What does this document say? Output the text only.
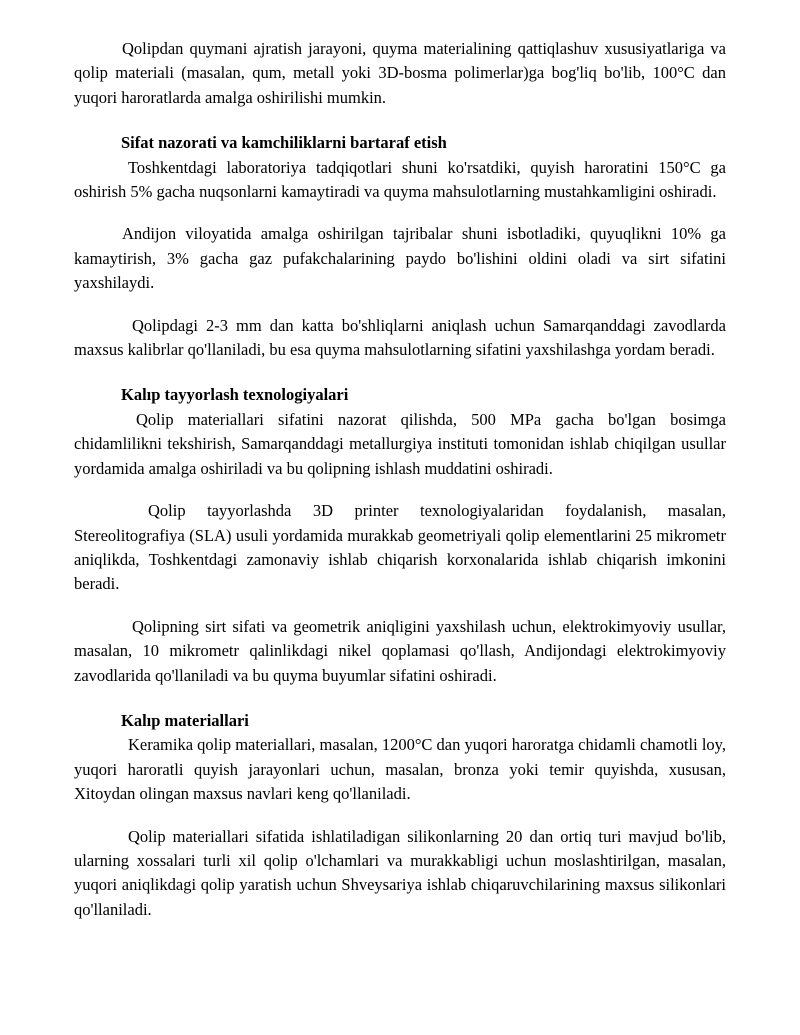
Qolipdan quymani ajratish jarayoni, quyma materialining qattiqlashuv xususiyatlariga va qolip materiali (masalan, qum, metall yoki 3D-bosma polimerlar)ga bog'liq bo'lib, 100°C dan yuqori haroratlarda amalga oshirilishi mumkin.

Sifat nazorati va kamchiliklarni bartaraf etish

Toshkentdagi laboratoriya tadqiqotlari shuni ko'rsatdiki, quyish haroratini 150°C ga oshirish 5% gacha nuqsonlarni kamaytiradi va quyma mahsulotlarning mustahkamligini oshiradi.

Andijon viloyatida amalga oshirilgan tajribalar shuni isbotladiki, quyuqlikni 10% ga kamaytirish, 3% gacha gaz pufakchalarining paydo bo'lishini oldini oladi va sirt sifatini yaxshilaydi.

Qolipdagi 2-3 mm dan katta bo'shliqlarni aniqlash uchun Samarqanddagi zavodlarda maxsus kalibrlar qo'llaniladi, bu esa quyma mahsulotlarning sifatini yaxshilashga yordam beradi.

Kalıp tayyorlash texnologiyalari

Qolip materiallari sifatini nazorat qilishda, 500 MPa gacha bo'lgan bosimga chidamlilikni tekshirish, Samarqanddagi metallurgiya instituti tomonidan ishlab chiqilgan usullar yordamida amalga oshiriladi va bu qolipning ishlash muddatini oshiradi.

Qolip tayyorlashda 3D printer texnologiyalaridan foydalanish, masalan, Stereolitografiya (SLA) usuli yordamida murakkab geometriyali qolip elementlarini 25 mikrometr aniqlikda, Toshkentdagi zamonaviy ishlab chiqarish korxonalarida ishlab chiqarish imkonini beradi.

Qolipning sirt sifati va geometrik aniqligini yaxshilash uchun, elektrokimyoviy usullar, masalan, 10 mikrometr qalinlikdagi nikel qoplamasi qo'llash, Andijondagi elektrokimyoviy zavodlarida qo'llaniladi va bu quyma buyumlar sifatini oshiradi.

Kalıp materiallari

Keramika qolip materiallari, masalan, 1200°C dan yuqori haroratga chidamli chamotli loy, yuqori haroratli quyish jarayonlari uchun, masalan, bronza yoki temir quyishda, xususan, Xitoydan olingan maxsus navlari keng qo'llaniladi.

Qolip materiallari sifatida ishlatiladigan silikonlarning 20 dan ortiq turi mavjud bo'lib, ularning xossalari turli xil qolip o'lchamlari va murakkabligi uchun moslashtirilgan, masalan, yuqori aniqlikdagi qolip yaratish uchun Shveysariya ishlab chiqaruvchilarining maxsus silikonlari qo'llaniladi.
